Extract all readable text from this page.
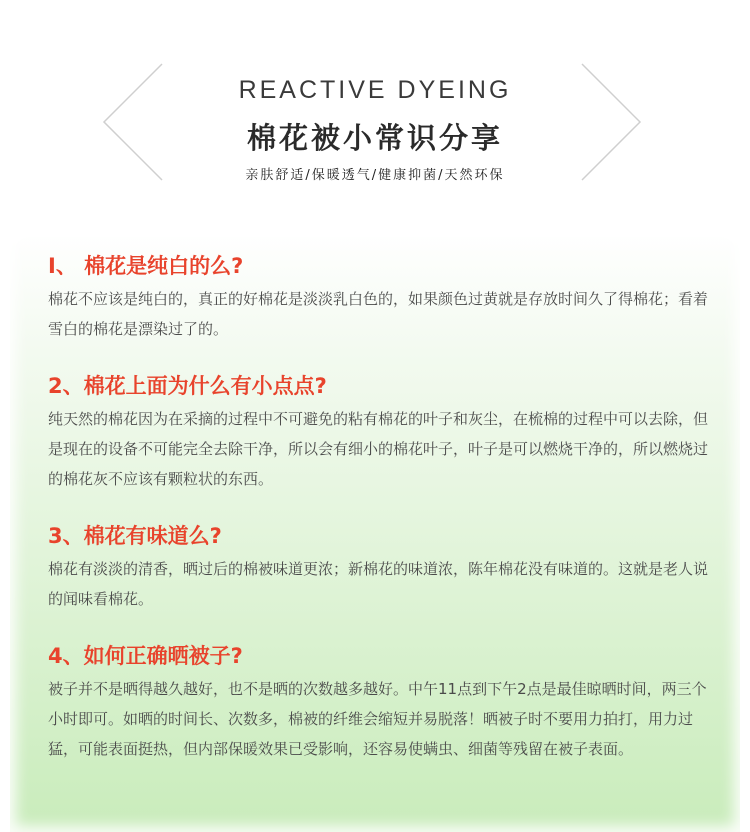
REACTIVE DYEING
棉花被小常识分享
亲肤舒适/保暖透气/健康抑菌/天然环保
I、 棉花是纯白的么?

棉花不应该是纯白的，真正的好棉花是淡淡乳白色的，如果颜色过黄就是存放时间久了得棉花；看着雪白的棉花是漂染过了的。

2、棉花上面为什么有小点点?

纯天然的棉花因为在采摘的过程中不可避免的粘有棉花的叶子和灰尘，在梳棉的过程中可以去除，但是现在的设备不可能完全去除干净，所以会有细小的棉花叶子，叶子是可以燃烧干净的，所以燃烧过的棉花灰不应该有颗粒状的东西。

3、棉花有味道么?

棉花有淡淡的清香，晒过后的棉被味道更浓；新棉花的味道浓，陈年棉花没有味道的。这就是老人说的闻味看棉花。

4、如何正确晒被子?

被子并不是晒得越久越好，也不是晒的次数越多越好。中午11点到下午2点是最佳晾晒时间，两三个小时即可。如晒的时间长、次数多，棉被的纤维会缩短并易脱落！晒被子时不要用力拍打，用力过猛，可能表面挺热，但内部保暖效果已受影响，还容易使螨虫、细菌等残留在被子表面。
